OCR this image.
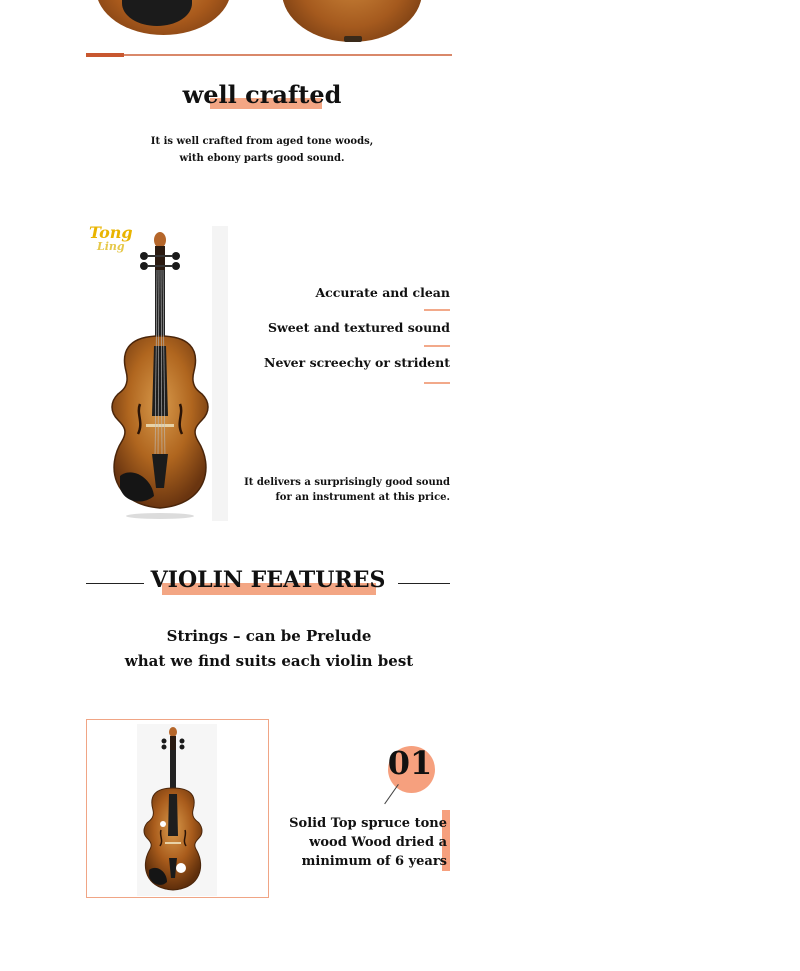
well crafted
It is well crafted from aged tone woods,
with ebony parts good sound.
Tong
Ling
Accurate and clean
Sweet and textured sound
Never screechy or strident
It delivers a surprisingly good sound
for an instrument at this price.
VIOLIN FEATURES
Strings – can be Prelude
what we find suits each violin best
01
Solid Top spruce tone
wood Wood dried a
minimum of 6 years
